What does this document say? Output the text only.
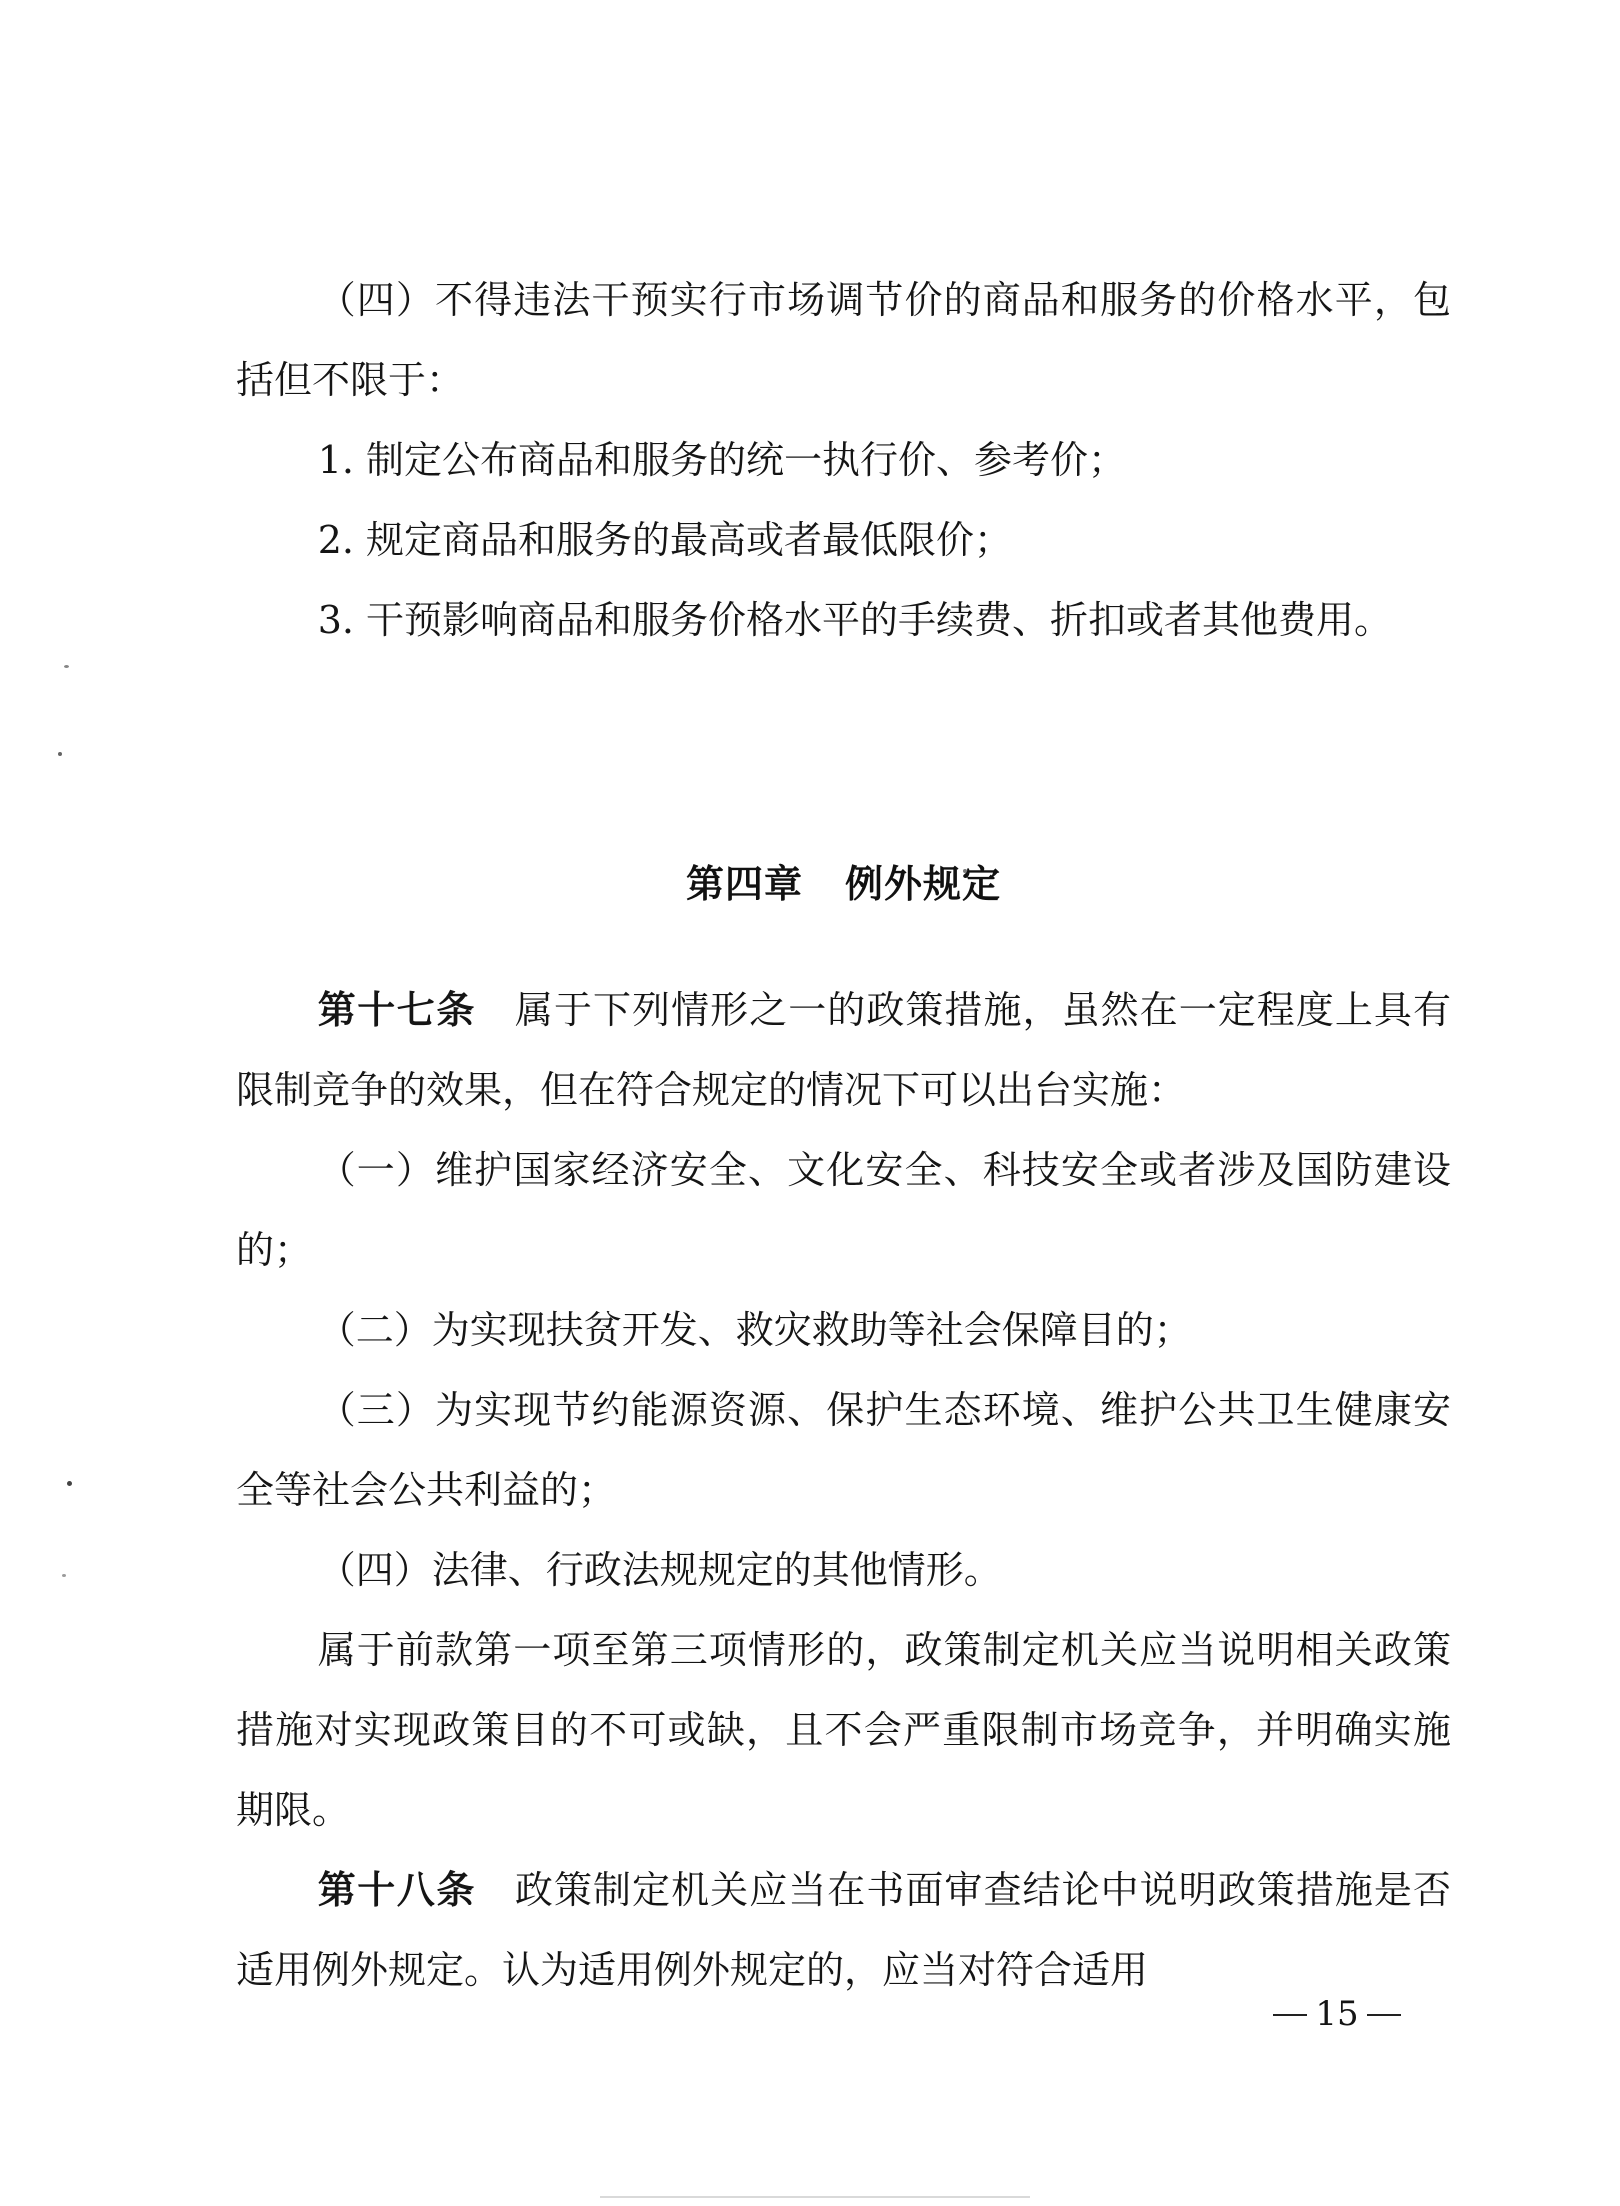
（四）不得违法干预实行市场调节价的商品和服务的价格水平，包括但不限于：

1. 制定公布商品和服务的统一执行价、参考价；

2. 规定商品和服务的最高或者最低限价；

3. 干预影响商品和服务价格水平的手续费、折扣或者其他费用。

第四章 例外规定

第十七条 属于下列情形之一的政策措施，虽然在一定程度上具有限制竞争的效果，但在符合规定的情况下可以出台实施：

（一）维护国家经济安全、文化安全、科技安全或者涉及国防建设的；

（二）为实现扶贫开发、救灾救助等社会保障目的；

（三）为实现节约能源资源、保护生态环境、维护公共卫生健康安全等社会公共利益的；

（四）法律、行政法规规定的其他情形。

属于前款第一项至第三项情形的，政策制定机关应当说明相关政策措施对实现政策目的不可或缺，且不会严重限制市场竞争，并明确实施期限。

第十八条 政策制定机关应当在书面审查结论中说明政策措施是否适用例外规定。认为适用例外规定的，应当对符合适用

15
